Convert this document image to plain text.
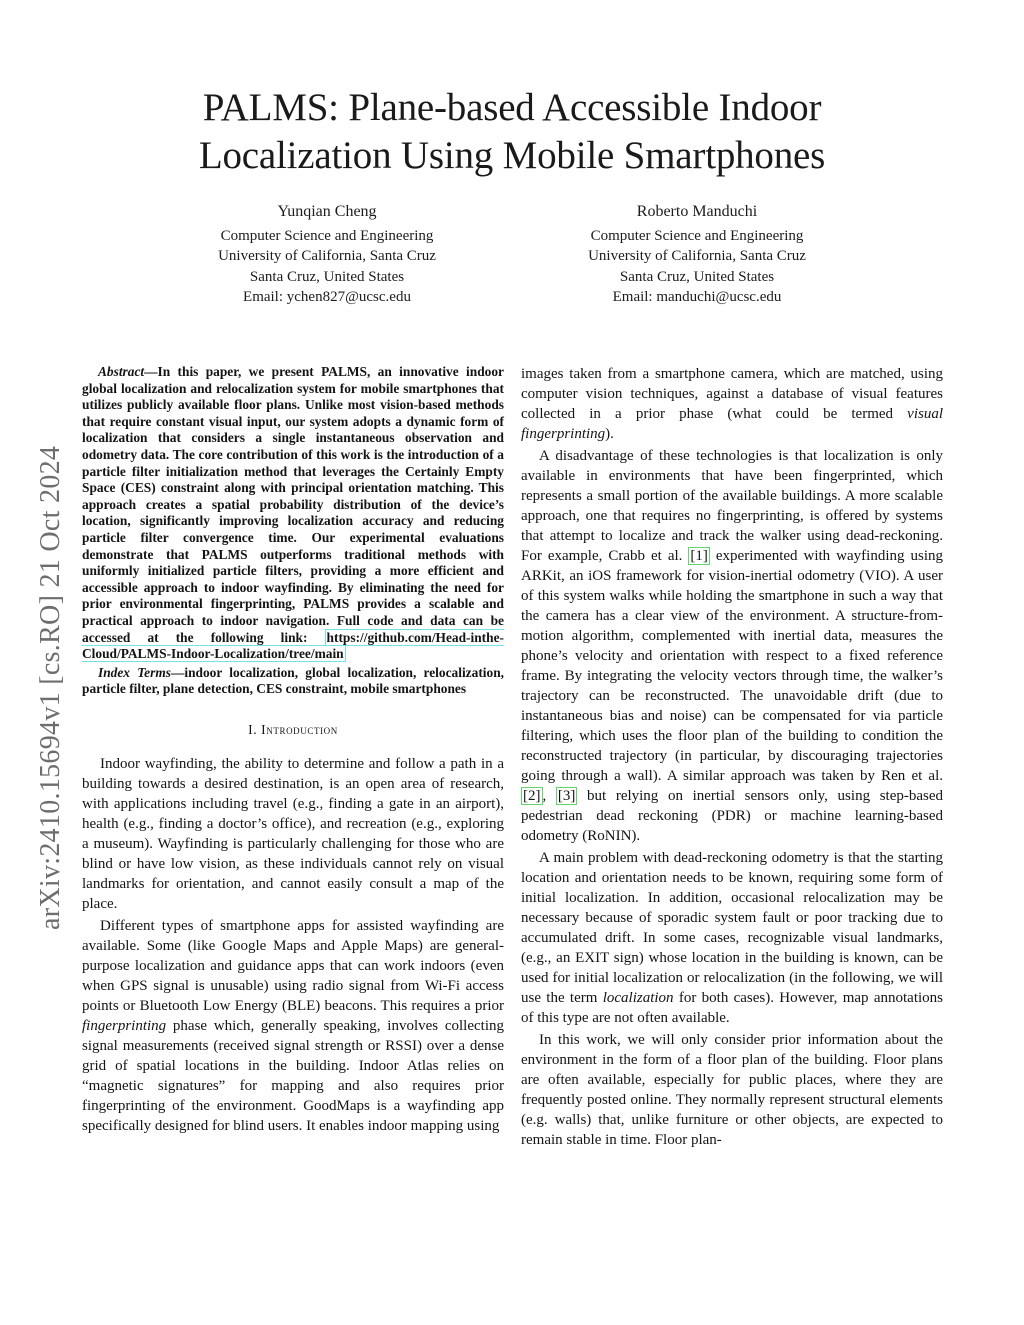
PALMS: Plane-based Accessible Indoor
Localization Using Mobile Smartphones
Yunqian Cheng
Computer Science and Engineering
University of California, Santa Cruz
Santa Cruz, United States
Email: ychen827@ucsc.edu
Roberto Manduchi
Computer Science and Engineering
University of California, Santa Cruz
Santa Cruz, United States
Email: manduchi@ucsc.edu
arXiv:2410.15694v1 [cs.RO] 21 Oct 2024

Abstract—In this paper, we present PALMS, an innovative indoor global localization and relocalization system for mobile smartphones that utilizes publicly available floor plans. Unlike most vision-based methods that require constant visual input, our system adopts a dynamic form of localization that considers a single instantaneous observation and odometry data. The core contribution of this work is the introduction of a particle filter initialization method that leverages the Certainly Empty Space (CES) constraint along with principal orientation matching. This approach creates a spatial probability distribution of the device’s location, significantly improving localization accuracy and reducing particle filter convergence time. Our experimental evaluations demonstrate that PALMS outperforms traditional methods with uniformly initialized particle filters, providing a more efficient and accessible approach to indoor wayfinding. By eliminating the need for prior environmental fingerprinting, PALMS provides a scalable and practical approach to indoor navigation. Full code and data can be accessed at the following link: https://github.com/Head-inthe-Cloud/PALMS-Indoor-Localization/tree/main

Index Terms—indoor localization, global localization, relocalization, particle filter, plane detection, CES constraint, mobile smartphones
I. Introduction

Indoor wayfinding, the ability to determine and follow a path in a building towards a desired destination, is an open area of research, with applications including travel (e.g., finding a gate in an airport), health (e.g., finding a doctor’s office), and recreation (e.g., exploring a museum). Wayfinding is particularly challenging for those who are blind or have low vision, as these individuals cannot rely on visual landmarks for orientation, and cannot easily consult a map of the place.

Different types of smartphone apps for assisted wayfinding are available. Some (like Google Maps and Apple Maps) are general-purpose localization and guidance apps that can work indoors (even when GPS signal is unusable) using radio signal from Wi-Fi access points or Bluetooth Low Energy (BLE) beacons. This requires a prior fingerprinting phase which, generally speaking, involves collecting signal measurements (received signal strength or RSSI) over a dense grid of spatial locations in the building. Indoor Atlas relies on “magnetic signatures” for mapping and also requires prior fingerprinting of the environment. GoodMaps is a wayfinding app specifically designed for blind users. It enables indoor mapping using

images taken from a smartphone camera, which are matched, using computer vision techniques, against a database of visual features collected in a prior phase (what could be termed visual fingerprinting).

A disadvantage of these technologies is that localization is only available in environments that have been fingerprinted, which represents a small portion of the available buildings. A more scalable approach, one that requires no fingerprinting, is offered by systems that attempt to localize and track the walker using dead-reckoning. For example, Crabb et al. [1] experimented with wayfinding using ARKit, an iOS framework for vision-inertial odometry (VIO). A user of this system walks while holding the smartphone in such a way that the camera has a clear view of the environment. A structure-from-motion algorithm, complemented with inertial data, measures the phone’s velocity and orientation with respect to a fixed reference frame. By integrating the velocity vectors through time, the walker’s trajectory can be reconstructed. The unavoidable drift (due to instantaneous bias and noise) can be compensated for via particle filtering, which uses the floor plan of the building to condition the reconstructed trajectory (in particular, by discouraging trajectories going through a wall). A similar approach was taken by Ren et al. [2] , [3] but relying on inertial sensors only, using step-based pedestrian dead reckoning (PDR) or machine learning-based odometry (RoNIN).

A main problem with dead-reckoning odometry is that the starting location and orientation needs to be known, requiring some form of initial localization. In addition, occasional relocalization may be necessary because of sporadic system fault or poor tracking due to accumulated drift. In some cases, recognizable visual landmarks, (e.g., an EXIT sign) whose location in the building is known, can be used for initial localization or relocalization (in the following, we will use the term localization for both cases). However, map annotations of this type are not often available.

In this work, we will only consider prior information about the environment in the form of a floor plan of the building. Floor plans are often available, especially for public places, where they are frequently posted online. They normally represent structural elements (e.g. walls) that, unlike furniture or other objects, are expected to remain stable in time. Floor plan-
